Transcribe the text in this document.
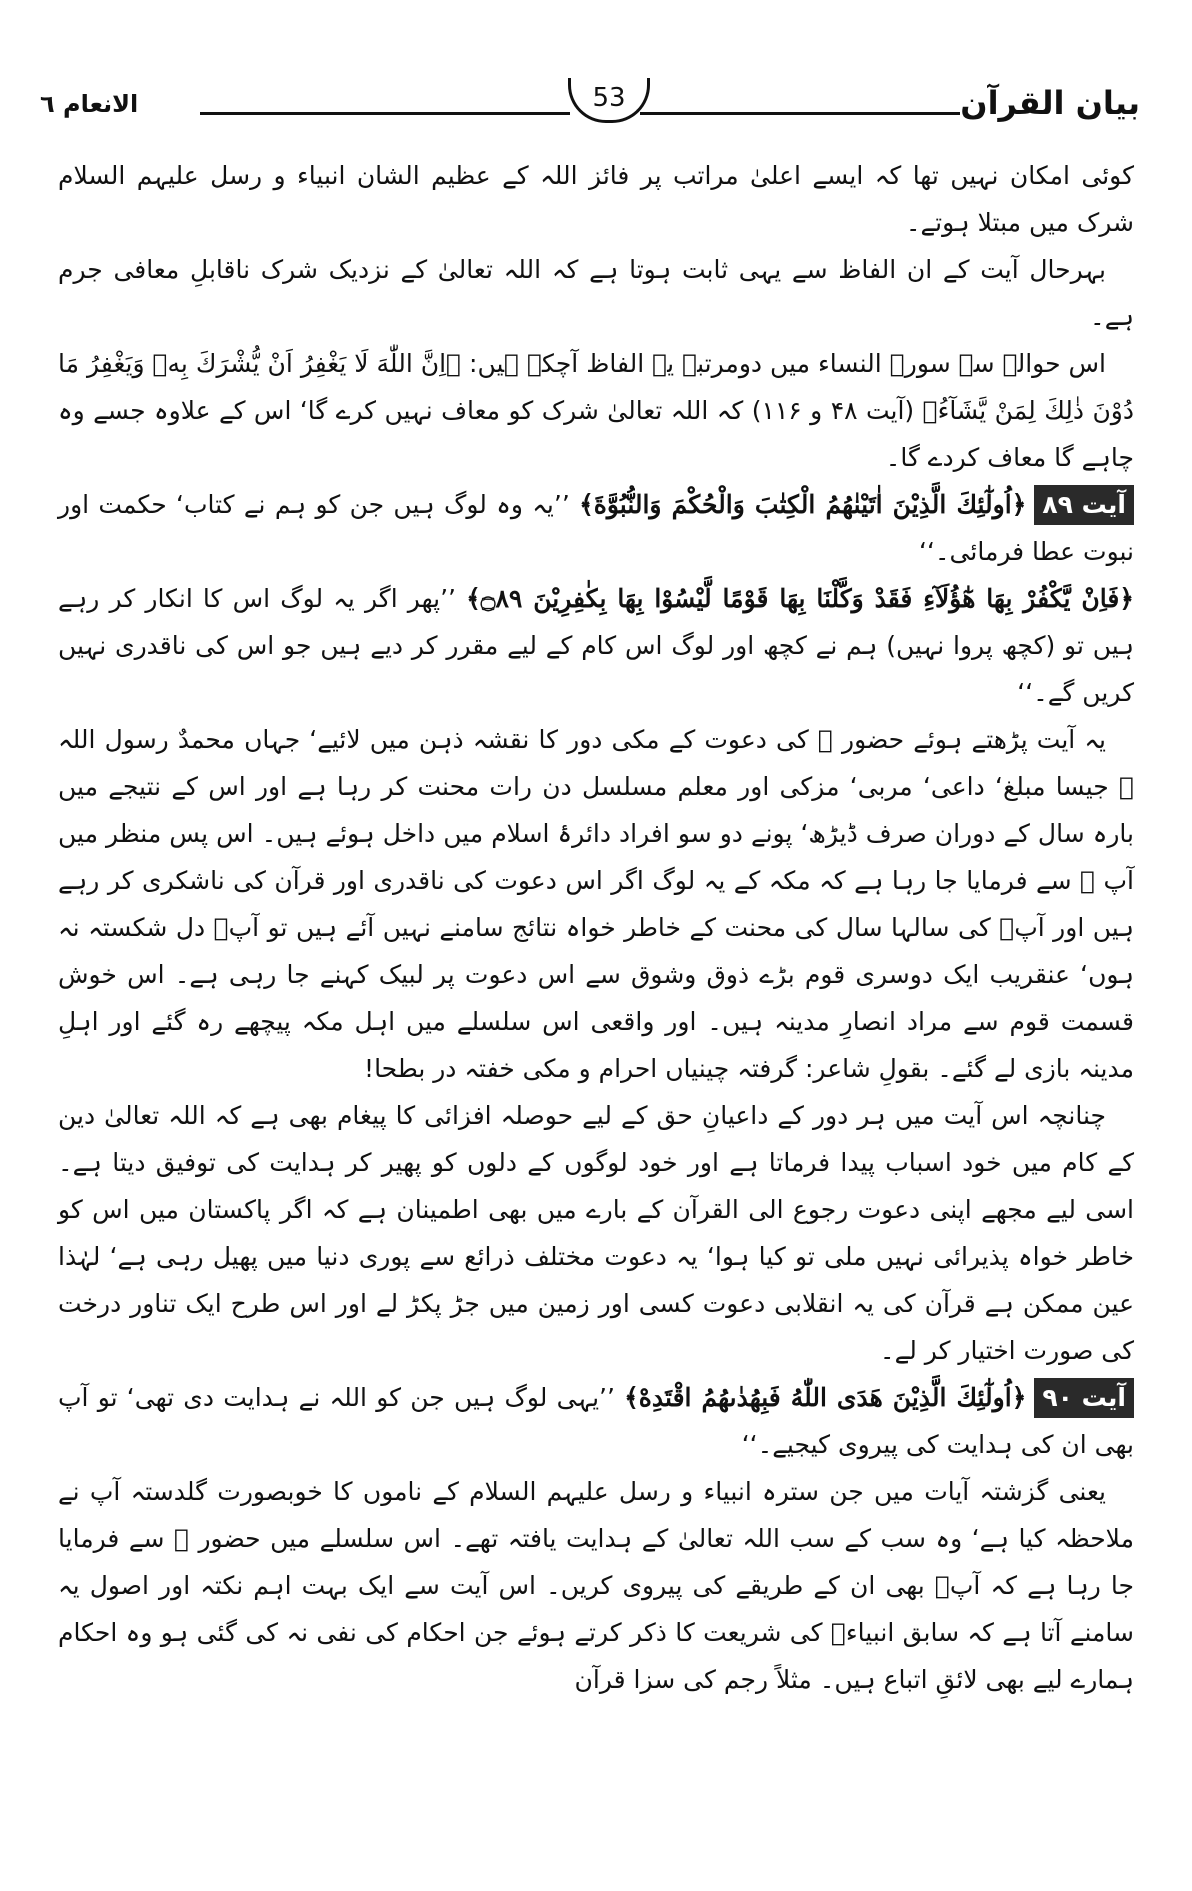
الانعام ٦	53	بیان القرآن

کوئی امکان نہیں تھا کہ ایسے اعلیٰ مراتب پر فائز اللہ کے عظیم الشان انبیاء و رسل علیہم السلام شرک میں مبتلا ہوتے۔

بہرحال آیت کے ان الفاظ سے یہی ثابت ہوتا ہے کہ اللہ تعالیٰ کے نزدیک شرک ناقابلِ معافی جرم ہے۔

اس حوالے سے سورۃ النساء میں دومرتبہ یہ الفاظ آچکے ہیں: ﴿اِنَّ اللّٰهَ لَا يَغْفِرُ اَنْ يُّشْرَكَ بِهٖ وَيَغْفِرُ مَا دُوْنَ ذٰلِكَ لِمَنْ يَّشَآءُ﴾ (آیت ۴۸ و ۱۱۶) کہ اللہ تعالیٰ شرک کو معاف نہیں کرے گا‘ اس کے علاوہ جسے وہ چاہے گا معاف کردے گا۔

آیت ۸۹﴿اُولٰٓئِكَ الَّذِيْنَ اٰتَيْنٰهُمُ الْكِتٰبَ وَالْحُكْمَ وَالنُّبُوَّةَ﴾ ’’یہ وہ لوگ ہیں جن کو ہم نے کتاب‘ حکمت اور نبوت عطا فرمائی۔‘‘

﴿فَاِنْ يَّكْفُرْ بِهَا هٰٓؤُلَآءِ فَقَدْ وَكَّلْنَا بِهَا قَوْمًا لَّيْسُوْا بِهَا بِكٰفِرِيْنَ ۝۸۹﴾ ’’پھر اگر یہ لوگ اس کا انکار کر رہے ہیں تو (کچھ پروا نہیں) ہم نے کچھ اور لوگ اس کام کے لیے مقرر کر دیے ہیں جو اس کی ناقدری نہیں کریں گے۔‘‘

یہ آیت پڑھتے ہوئے حضور ﷺ کی دعوت کے مکی دور کا نقشہ ذہن میں لائیے‘ جہاں محمدٌ رسول اللہ ﷺ جیسا مبلغ‘ داعی‘ مربی‘ مزکی اور معلم مسلسل دن رات محنت کر رہا ہے اور اس کے نتیجے میں بارہ سال کے دوران صرف ڈیڑھ‘ پونے دو سو افراد دائرۂ اسلام میں داخل ہوئے ہیں۔ اس پس منظر میں آپ ﷺ سے فرمایا جا رہا ہے کہ مکہ کے یہ لوگ اگر اس دعوت کی ناقدری اور قرآن کی ناشکری کر رہے ہیں اور آپؐ کی سالہا سال کی محنت کے خاطر خواہ نتائج سامنے نہیں آئے ہیں تو آپؐ دل شکستہ نہ ہوں‘ عنقریب ایک دوسری قوم بڑے ذوق وشوق سے اس دعوت پر لبیک کہنے جا رہی ہے۔ اس خوش قسمت قوم سے مراد انصارِ مدینہ ہیں۔ اور واقعی اس سلسلے میں اہل مکہ پیچھے رہ گئے اور اہلِ مدینہ بازی لے گئے۔ بقولِ شاعر: گرفتہ چینیاں احرام و مکی خفتہ در بطحا!

چنانچہ اس آیت میں ہر دور کے داعیانِ حق کے لیے حوصلہ افزائی کا پیغام بھی ہے کہ اللہ تعالیٰ دین کے کام میں خود اسباب پیدا فرماتا ہے اور خود لوگوں کے دلوں کو پھیر کر ہدایت کی توفیق دیتا ہے۔ اسی لیے مجھے اپنی دعوت رجوع الی القرآن کے بارے میں بھی اطمینان ہے کہ اگر پاکستان میں اس کو خاطر خواہ پذیرائی نہیں ملی تو کیا ہوا‘ یہ دعوت مختلف ذرائع سے پوری دنیا میں پھیل رہی ہے‘ لہٰذا عین ممکن ہے قرآن کی یہ انقلابی دعوت کسی اور زمین میں جڑ پکڑ لے اور اس طرح ایک تناور درخت کی صورت اختیار کر لے۔

آیت ۹۰﴿اُولٰٓئِكَ الَّذِيْنَ هَدَى اللّٰهُ فَبِهُدٰىهُمُ اقْتَدِهْ﴾ ’’یہی لوگ ہیں جن کو اللہ نے ہدایت دی تھی‘ تو آپ بھی ان کی ہدایت کی پیروی کیجیے۔‘‘

یعنی گزشتہ آیات میں جن سترہ انبیاء و رسل علیہم السلام کے ناموں کا خوبصورت گلدستہ آپ نے ملاحظہ کیا ہے‘ وہ سب کے سب اللہ تعالیٰ کے ہدایت یافتہ تھے۔ اس سلسلے میں حضور ﷺ سے فرمایا جا رہا ہے کہ آپؐ بھی ان کے طریقے کی پیروی کریں۔ اس آیت سے ایک بہت اہم نکتہ اور اصول یہ سامنے آتا ہے کہ سابق انبیاءؑ کی شریعت کا ذکر کرتے ہوئے جن احکام کی نفی نہ کی گئی ہو وہ احکام ہمارے لیے بھی لائقِ اتباع ہیں۔ مثلاً رجم کی سزا قرآن
